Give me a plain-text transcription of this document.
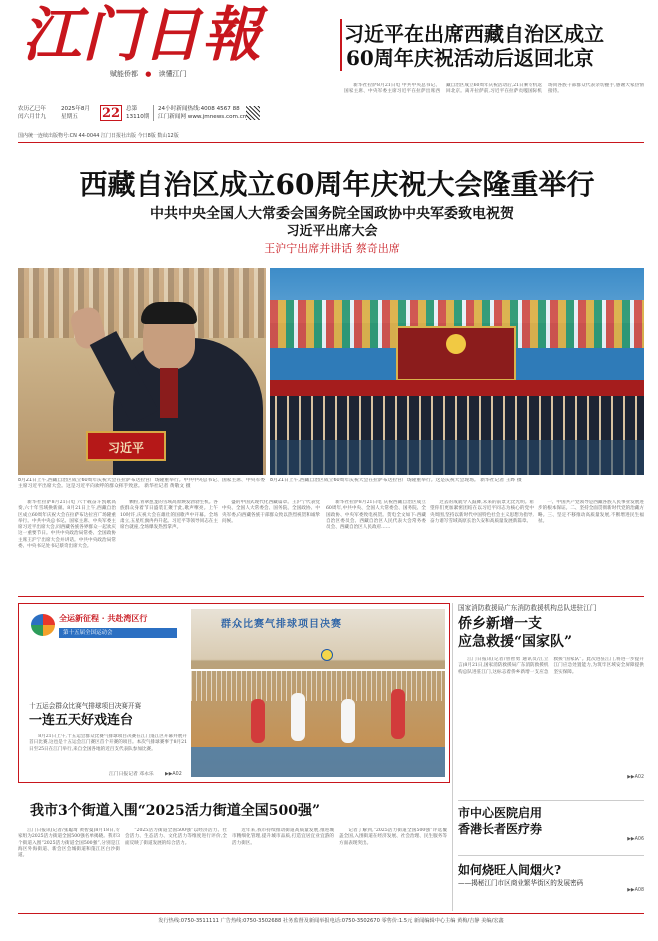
江门日報
赋能侨都 ● 读懂江门
习近平在出席西藏自治区成立
60周年庆祝活动后返回北京
农历乙巳年
闰六月廿九
2025年8月
星期五	22	总第
13110期
24小时新闻热线:4008 4567 88
江门新闻网 www.jmnews.com.cn
国内统一连续出版物号:CN 44-0044 江门日报社出版 今日8版 数山12版

新华社拉萨8月21日电 中共中央总书记、国家主席、中央军委主席习近平在拉萨出席西藏自治区成立60周年庆祝活动后,21日乘专机返回北京。离开拉萨前,习近平在拉萨贡嘎国际机场同各族干部群众代表亲切握手,感谢大家热情接待。

西藏自治区成立60周年庆祝大会隆重举行
中共中央全国人大常委会国务院全国政协中央军委致电祝贺
习近平出席大会
王沪宁出席并讲话 蔡奇出席
习近平
8月21日上午,西藏自治区成立60周年庆祝大会在拉萨布达拉宫广场隆重举行。中共中央总书记、国家主席、中央军委主席习近平出席大会。这是习近平向欢呼的群众挥手致意。 新华社记者 黄敬文 摄
8月21日上午,西藏自治区成立60周年庆祝大会在拉萨布达拉宫广场隆重举行。这是庆祝大会现场。 新华社记者 王晔 摄

新华社拉萨8月21日电 六十载奋斗凯歌高奏,六十年雪域换新颜。8月21日上午,西藏自治区成立60周年庆祝大会在拉萨布达拉宫广场隆重举行。中共中央总书记、国家主席、中央军委主席习近平出席大会,同西藏各族各界群众一起欢庆这一重要节日。中共中央政治局常委、全国政协主席王沪宁出席大会并讲话。中共中央政治局常委、中央书记处书记蔡奇出席大会。

颗粒,青翠葱茏的雪域高原焕发勃勃生机。各族群众身着节日盛装汇聚于此,歌声嘹亮。上午10时许,庆祝大会在雄壮的国歌声中开幕。全场肃立,五星红旗冉冉升起。习近平等领导同志在主席台就座,全场爆发热烈掌声。

盛的中国式现代化西藏篇章。王沪宁代表党中央、全国人大常委会、国务院、全国政协、中央军委,向西藏各族干部群众致以热烈祝贺和诚挚问候。

新华社拉萨8月21日电 庆祝西藏自治区成立60周年,中共中央、全国人大常委会、国务院、全国政协、中央军委致电祝贺。贺电全文如下:西藏自治区委员会、西藏自治区人民代表大会常务委员会、西藏自治区人民政府……

过去的成就令人鼓舞,未来的前景无比光明。希望你们更加紧密团结在以习近平同志为核心的党中央周围,坚持以新时代中国特色社会主义思想为指导,奋力谱写雪域高原长治久安和高质量发展新篇章。

一、中国共产党领导是西藏各族人民事业发展进步的根本保证。二、坚持全面贯彻新时代党的治藏方略。三、坚定不移推动高质量发展,不断增进民生福祉。

全运新征程 · 共赴湾区行
第十五届全国运动会
十五运会群众比赛气排球项目决赛开赛
一连五天好戏连台

8月21日上午,十五运会群众比赛气排球项目决赛在江门蓬江区开幕并展开首日比赛,这也是十五运会江门赛区首个开赛的项目。本次气排球赛事于8月21日至25日在江门举行,来自全国各地的近百支代表队参加比赛。

江门日报记者 邓永乐 ▶▶A02
群众比赛气排球项目决赛
国家消防救援局广东消防救援机构总队进驻江门
侨乡新增一支
应急救援“国家队”

江门日报讯(记者/曾智勇 通讯员/江立言)8月21日,国家消防救援局广东消防救援机构总队进驻江门,这标志着侨乡新增一支应急救援“国家队”。此次进驻江门,将进一步提升江门应急处置能力,为筑牢区域安全屏障提供坚实保障。

▶▶A02
市中心医院启用
香港长者医疗券
▶▶A06
如何烧旺人间烟火?
——揭秘江门市区商业繁华街区的发展密码
▶▶A08
我市3个街道入围“2025活力街道全国500强”

江门日报讯(记者/张聪琦 黄智曼)8月18日,专家组为2025活力街道全国500强名单揭晓。我市3个街道入围“2025活力街道全国500强”,分别是江海区外海街道、新会区会城街道和蓬江区白沙街道。

“2025活力街道全国500强”以经济活力、社会活力、生态活力、文化活力等维度进行评价,全面反映了街道发展的综合活力。

近年来,我市持续推动街道高质量发展,推进城市精细化管理,提升城市品质,打造宜居宜业宜游的活力街区。

记者了解到,“2025活力街道全国500强”评选覆盖全国,入围街道在经济发展、社会治理、民生服务等方面表现突出。

发行热线:0750-3511111 广告热线:0750-3502688 社务监督及新闻举报电话:0750-3502670 零售价:1.5元 新闻编辑中心主编 黄梅/吉静 美编/宏鑫
